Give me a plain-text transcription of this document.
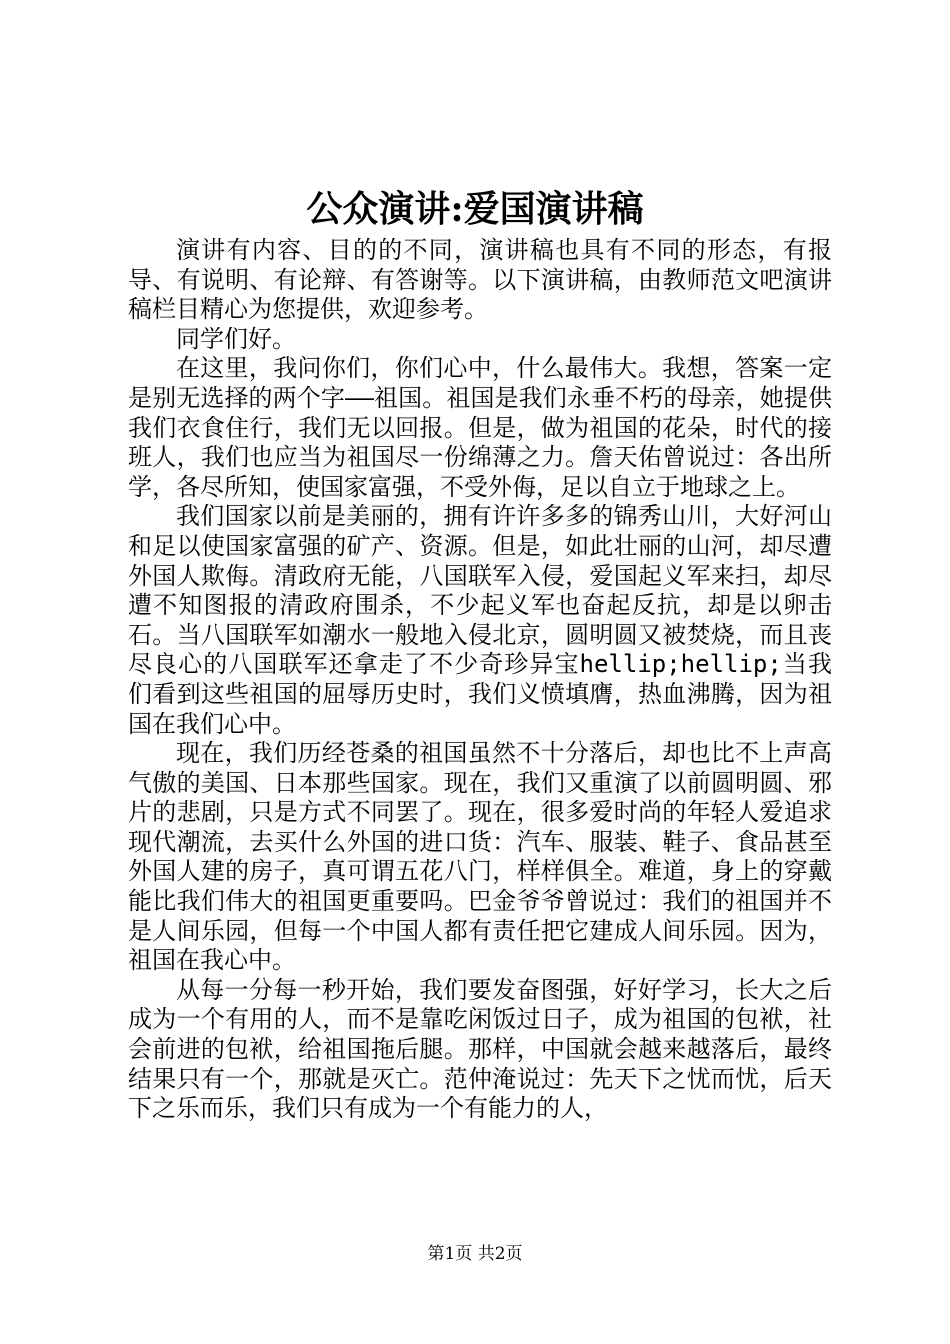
公众演讲:爱国演讲稿

演讲有内容、目的的不同，演讲稿也具有不同的形态，有报导、有说明、有论辩、有答谢等。以下演讲稿，由教师范文吧演讲稿栏目精心为您提供，欢迎参考。

同学们好。

在这里，我问你们，你们心中，什么最伟大。我想，答案一定是别无选择的两个字——祖国。祖国是我们永垂不朽的母亲，她提供我们衣食住行，我们无以回报。但是，做为祖国的花朵，时代的接班人，我们也应当为祖国尽一份绵薄之力。詹天佑曾说过：各出所学，各尽所知，使国家富强，不受外侮，足以自立于地球之上。

我们国家以前是美丽的，拥有许许多多的锦秀山川，大好河山和足以使国家富强的矿产、资源。但是，如此壮丽的山河，却尽遭外国人欺侮。清政府无能，八国联军入侵，爱国起义军来扫，却尽遭不知图报的清政府围杀，不少起义军也奋起反抗，却是以卵击石。当八国联军如潮水一般地入侵北京，圆明圆又被焚烧，而且丧尽良心的八国联军还拿走了不少奇珍异宝hellip;hellip;当我们看到这些祖国的屈辱历史时，我们义愤填膺，热血沸腾，因为祖国在我们心中。

现在，我们历经苍桑的祖国虽然不十分落后，却也比不上声高气傲的美国、日本那些国家。现在，我们又重演了以前圆明圆、邪片的悲剧，只是方式不同罢了。现在，很多爱时尚的年轻人爱追求现代潮流，去买什么外国的进口货：汽车、服装、鞋子、食品甚至外国人建的房子，真可谓五花八门，样样俱全。难道，身上的穿戴能比我们伟大的祖国更重要吗。巴金爷爷曾说过：我们的祖国并不是人间乐园，但每一个中国人都有责任把它建成人间乐园。因为，祖国在我心中。

从每一分每一秒开始，我们要发奋图强，好好学习，长大之后成为一个有用的人，而不是靠吃闲饭过日子，成为祖国的包袱，社会前进的包袱，给祖国拖后腿。那样，中国就会越来越落后，最终结果只有一个，那就是灭亡。范仲淹说过：先天下之忧而忧，后天下之乐而乐，我们只有成为一个有能力的人，

第1页 共2页
